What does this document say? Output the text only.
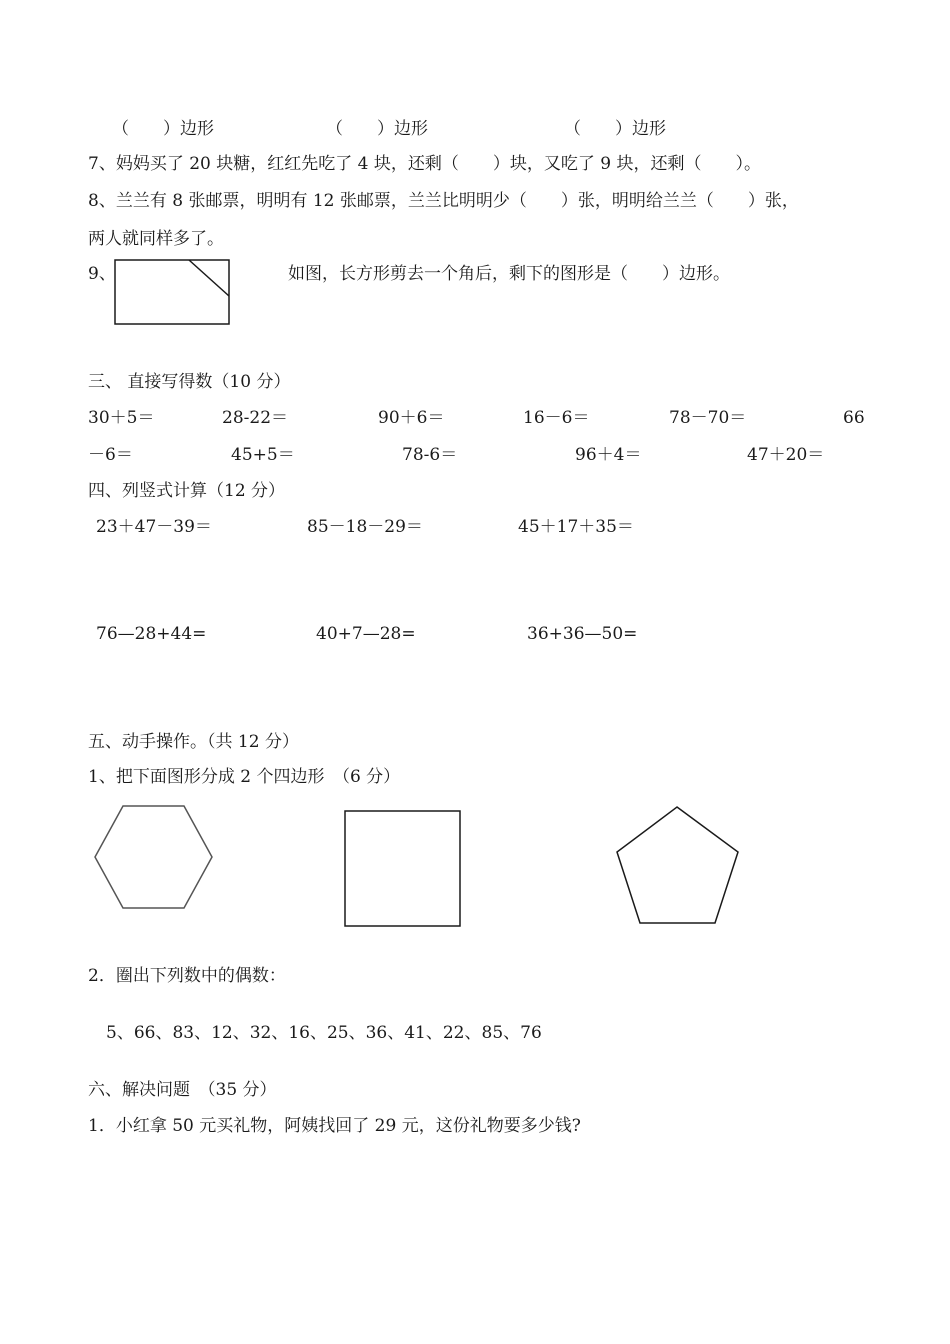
（　　）边形	（　　）边形	（　　）边形
7、妈妈买了 20 块糖，红红先吃了 4 块，还剩（　　）块，又吃了 9 块，还剩（　　）。
8、兰兰有 8 张邮票，明明有 12 张邮票，兰兰比明明少（　　）张，明明给兰兰（　　）张，
两人就同样多了。
9、	如图，长方形剪去一个角后，剩下的图形是（　　）边形。
三、 直接写得数（10 分）
30＋5＝	28-22＝	90＋6＝	16－6＝	78－70＝	66
－6＝	45+5＝	78-6＝	96＋4＝	47＋20＝
四、列竖式计算（12 分）
23＋47－39＝	85－18－29＝	45＋17＋35＝
76—28+44=	40+7—28=	36+36—50=
五、动手操作。（共 12 分）
1、把下面图形分成 2 个四边形　（6 分）
2．圈出下列数中的偶数：
5、66、83、12、32、16、25、36、41、22、85、76
六、解决问题　（35 分）
1．小红拿 50 元买礼物，阿姨找回了 29 元，这份礼物要多少钱?
